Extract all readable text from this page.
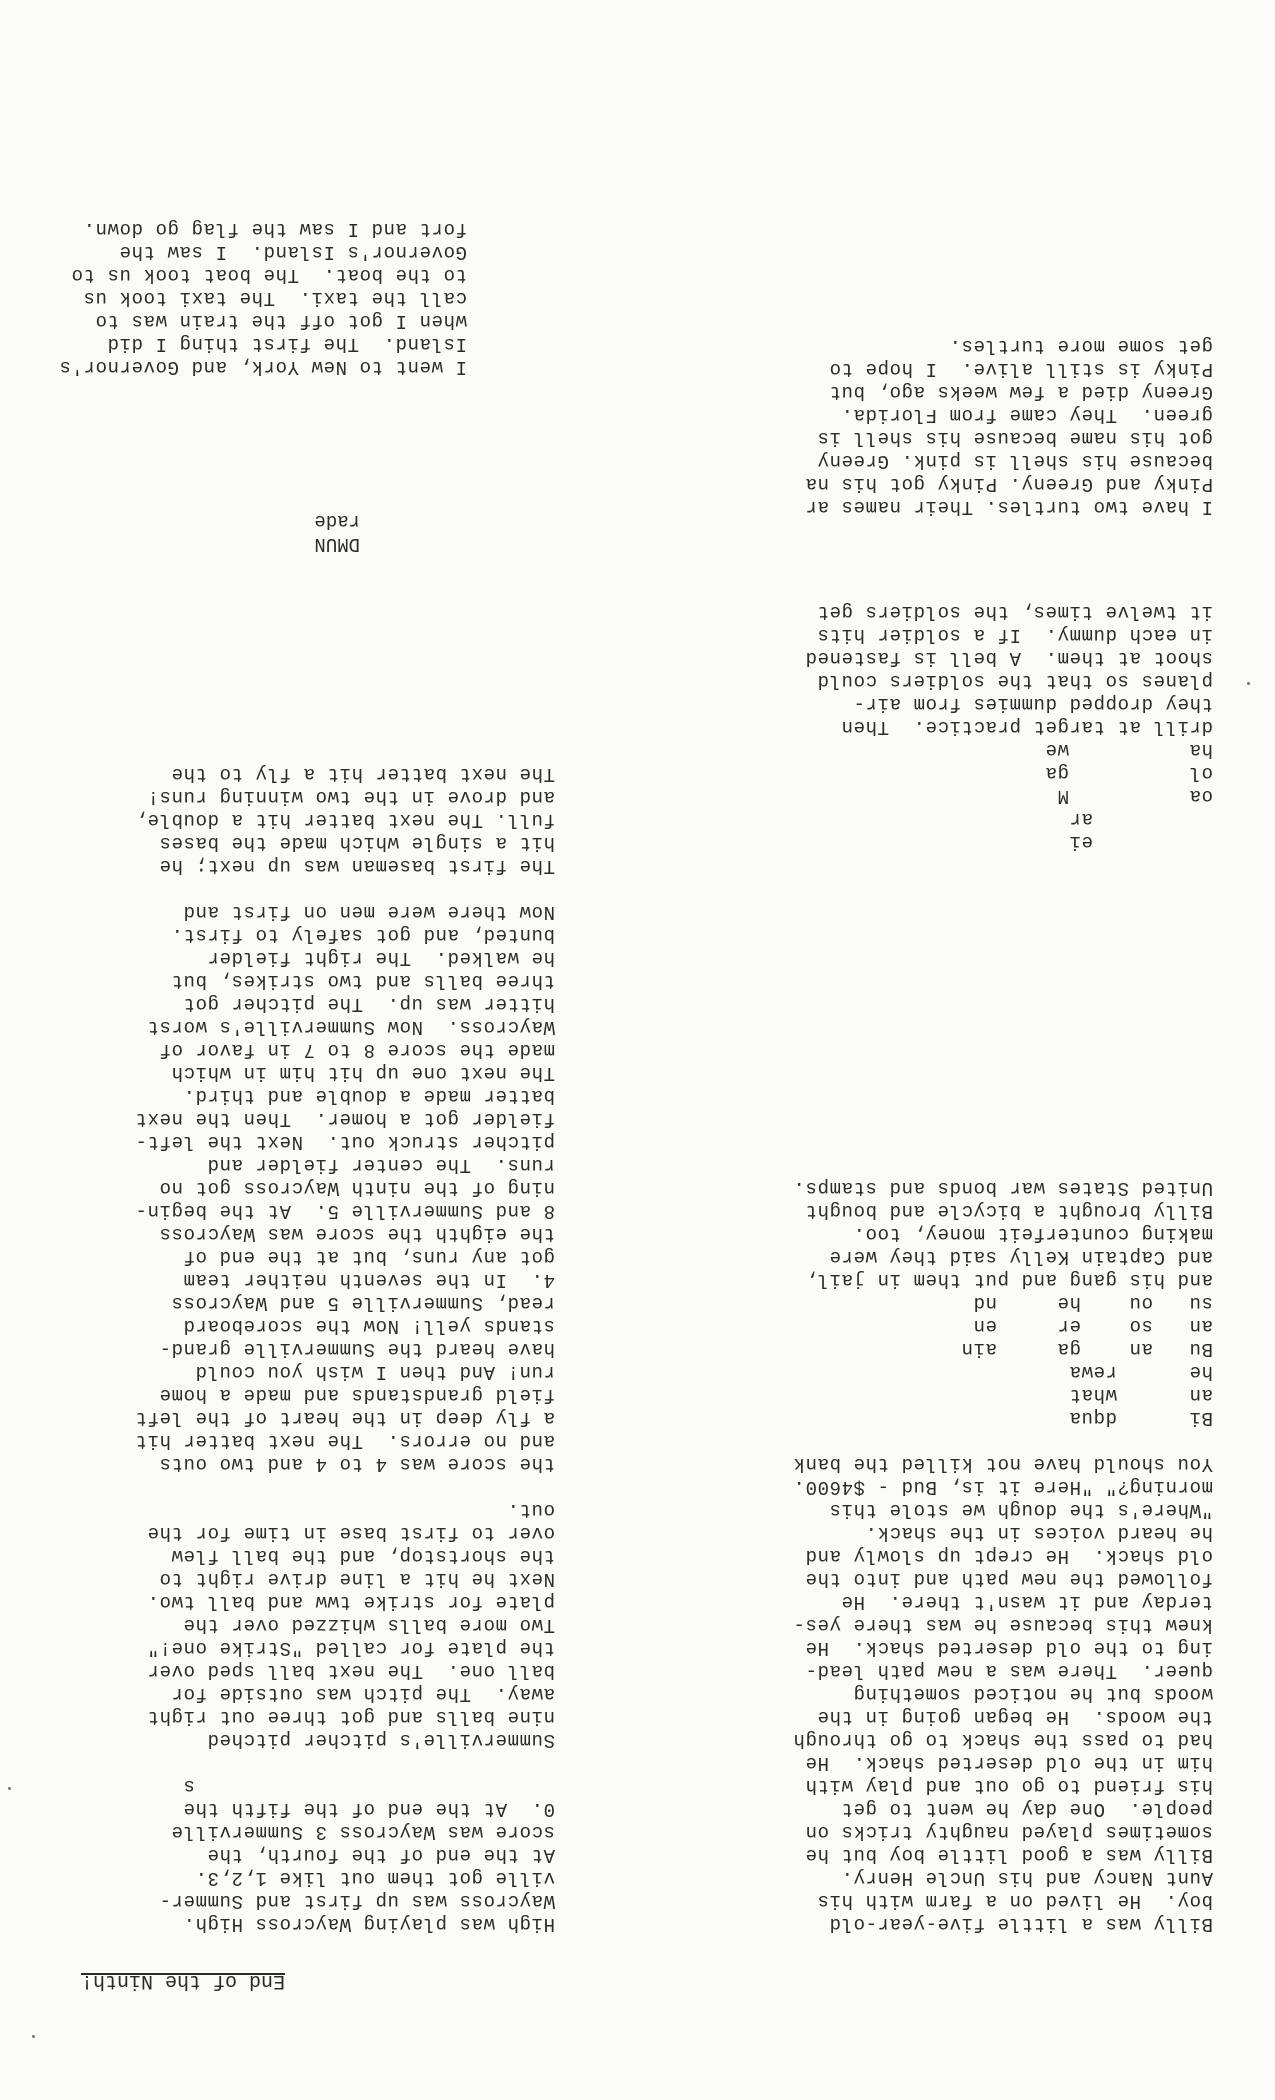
End of the Ninth!
High was playing Waycross High.
Waycross was up first and Summer-
ville got them out like 1,2,3.
At the end of the fourth, the
score was Waycross 3 Summerville
0.  At the end of the fifth the
s

Summerville's pitcher pitched
nine balls and got three out right
away.  The pitch was outside for
ball one.  The next ball sped over
the plate for called "Strike one!"
Two more balls whizzed over the
plate for strike tww and ball two.
Next he hit a line drive right to
the shortstop, and the ball flew
over to first base in time for the
out.

the score was 4 to 4 and two outs
and no errors.  The next batter hit
a fly deep in the heart of the left
field grandstands and made a home
run! And then I wish you could
have heard the Summerville grand-
stands yell! Now the scoreboard
read, Summerville 5 and Waycross
4.  In the seventh neither team
got any runs, but at the end of
the eighth the score was Waycross
8 and Summerville 5.  At the begin-
ning of the ninth Waycross got no
runs.  The center fielder and
pitcher struck out.  Next the left-
fielder got a homer.  Then the next
batter made a double and third.
The next one up hit him in which
made the score 8 to 7 in favor of
Waycross.  Now Summerville's worst
hitter was up.  The pitcher got
three balls and two strikes, but
he walked.  The right fielder
bunted, and got safely to first.
Now there were men on first and

The first baseman was up next; he
hit a single which made the bases
full. The next batter hit a double,
and drove in the two winning runs!
The next batter hit a fly to the
DMUN
rade
I went to New York, and Governor's
Island.  The first thing I did
when I got off the train was to
call the taxi.  The taxi took us
to the boat.  The boat took us to
Governor's Island.  I saw the
fort and I saw the flag go down.
Billy was a little five-year-old
boy.  He lived on a farm with his
Aunt Nancy and his Uncle Henry.
Billy was a good little boy but he
sometimes played naughty tricks on
people.  One day he went to get
his friend to go out and play with
him in the old deserted shack.  He
had to pass the shack to go through
the woods.  He began going in the
woods but he noticed something
queer.  There was a new path lead-
ing to the old deserted shack.  He
knew this because he was there yes-
terday and it wasn't there.  He
followed the new path and into the
old shack.  He crept up slowly and
he heard voices in the shack.
"Where's the dough we stole this
morning?" "Here it is, Bud - $4600.
You should have not killed the bank

Bi      dqua
an      what
he      rewa
Bu   an    ga     ain
an   so    er     en
su   ou    he     nd
and his gang and put them in jail,
and Captain Kelly said they were
making counterfeit money, too.
Billy brought a bicycle and bought
United States war bonds and stamps.
ei
ar
oa          M
ol          ga
ha          we
drill at target practice.  Then
they dropped dummies from air-
planes so that the soldiers could
shoot at them.  A bell is fastened
in each dummy.  If a soldier hits
it twelve times, the soldiers get
I have two turtles. Their names ar
Pinky and Greeny. Pinky got his na
because his shell is pink. Greeny
got his name because his shell is
green.  They came from Florida.
Greeny died a few weeks ago, but
Pinky is still alive.  I hope to
get some more turtles.
